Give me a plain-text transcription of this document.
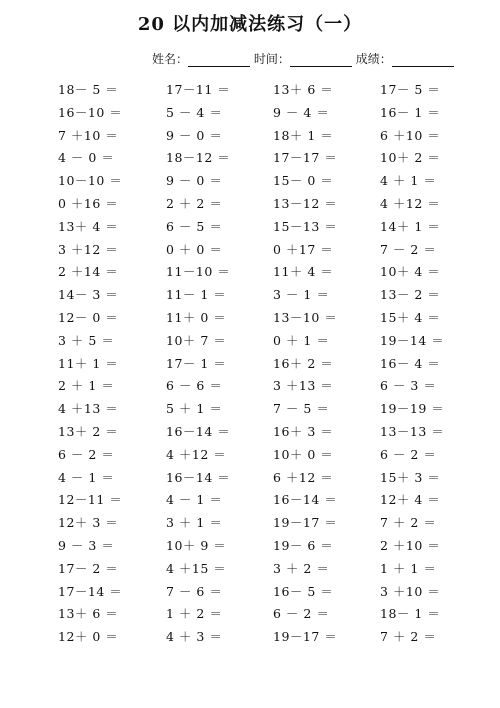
20 以内加减法练习（一）
姓名：	时间：	成绩：
18－ 5 ＝	17－11 ＝	13＋ 6 ＝	17－ 5 ＝
16－10 ＝	5 － 4 ＝	9 － 4 ＝	16－ 1 ＝
7 ＋10 ＝	9 － 0 ＝	18＋ 1 ＝	6 ＋10 ＝
4 － 0 ＝	18－12 ＝	17－17 ＝	10＋ 2 ＝
10－10 ＝	9 － 0 ＝	15－ 0 ＝	4 ＋ 1 ＝
0 ＋16 ＝	2 ＋ 2 ＝	13－12 ＝	4 ＋12 ＝
13＋ 4 ＝	6 － 5 ＝	15－13 ＝	14＋ 1 ＝
3 ＋12 ＝	0 ＋ 0 ＝	0 ＋17 ＝	7 － 2 ＝
2 ＋14 ＝	11－10 ＝	11＋ 4 ＝	10＋ 4 ＝
14－ 3 ＝	11－ 1 ＝	3 － 1 ＝	13－ 2 ＝
12－ 0 ＝	11＋ 0 ＝	13－10 ＝	15＋ 4 ＝
3 ＋ 5 ＝	10＋ 7 ＝	0 ＋ 1 ＝	19－14 ＝
11＋ 1 ＝	17－ 1 ＝	16＋ 2 ＝	16－ 4 ＝
2 ＋ 1 ＝	6 － 6 ＝	3 ＋13 ＝	6 － 3 ＝
4 ＋13 ＝	5 ＋ 1 ＝	7 － 5 ＝	19－19 ＝
13＋ 2 ＝	16－14 ＝	16＋ 3 ＝	13－13 ＝
6 － 2 ＝	4 ＋12 ＝	10＋ 0 ＝	6 － 2 ＝
4 － 1 ＝	16－14 ＝	6 ＋12 ＝	15＋ 3 ＝
12－11 ＝	4 － 1 ＝	16－14 ＝	12＋ 4 ＝
12＋ 3 ＝	3 ＋ 1 ＝	19－17 ＝	7 ＋ 2 ＝
9 － 3 ＝	10＋ 9 ＝	19－ 6 ＝	2 ＋10 ＝
17－ 2 ＝	4 ＋15 ＝	3 ＋ 2 ＝	1 ＋ 1 ＝
17－14 ＝	7 － 6 ＝	16－ 5 ＝	3 ＋10 ＝
13＋ 6 ＝	1 ＋ 2 ＝	6 － 2 ＝	18－ 1 ＝
12＋ 0 ＝	4 ＋ 3 ＝	19－17 ＝	7 ＋ 2 ＝
